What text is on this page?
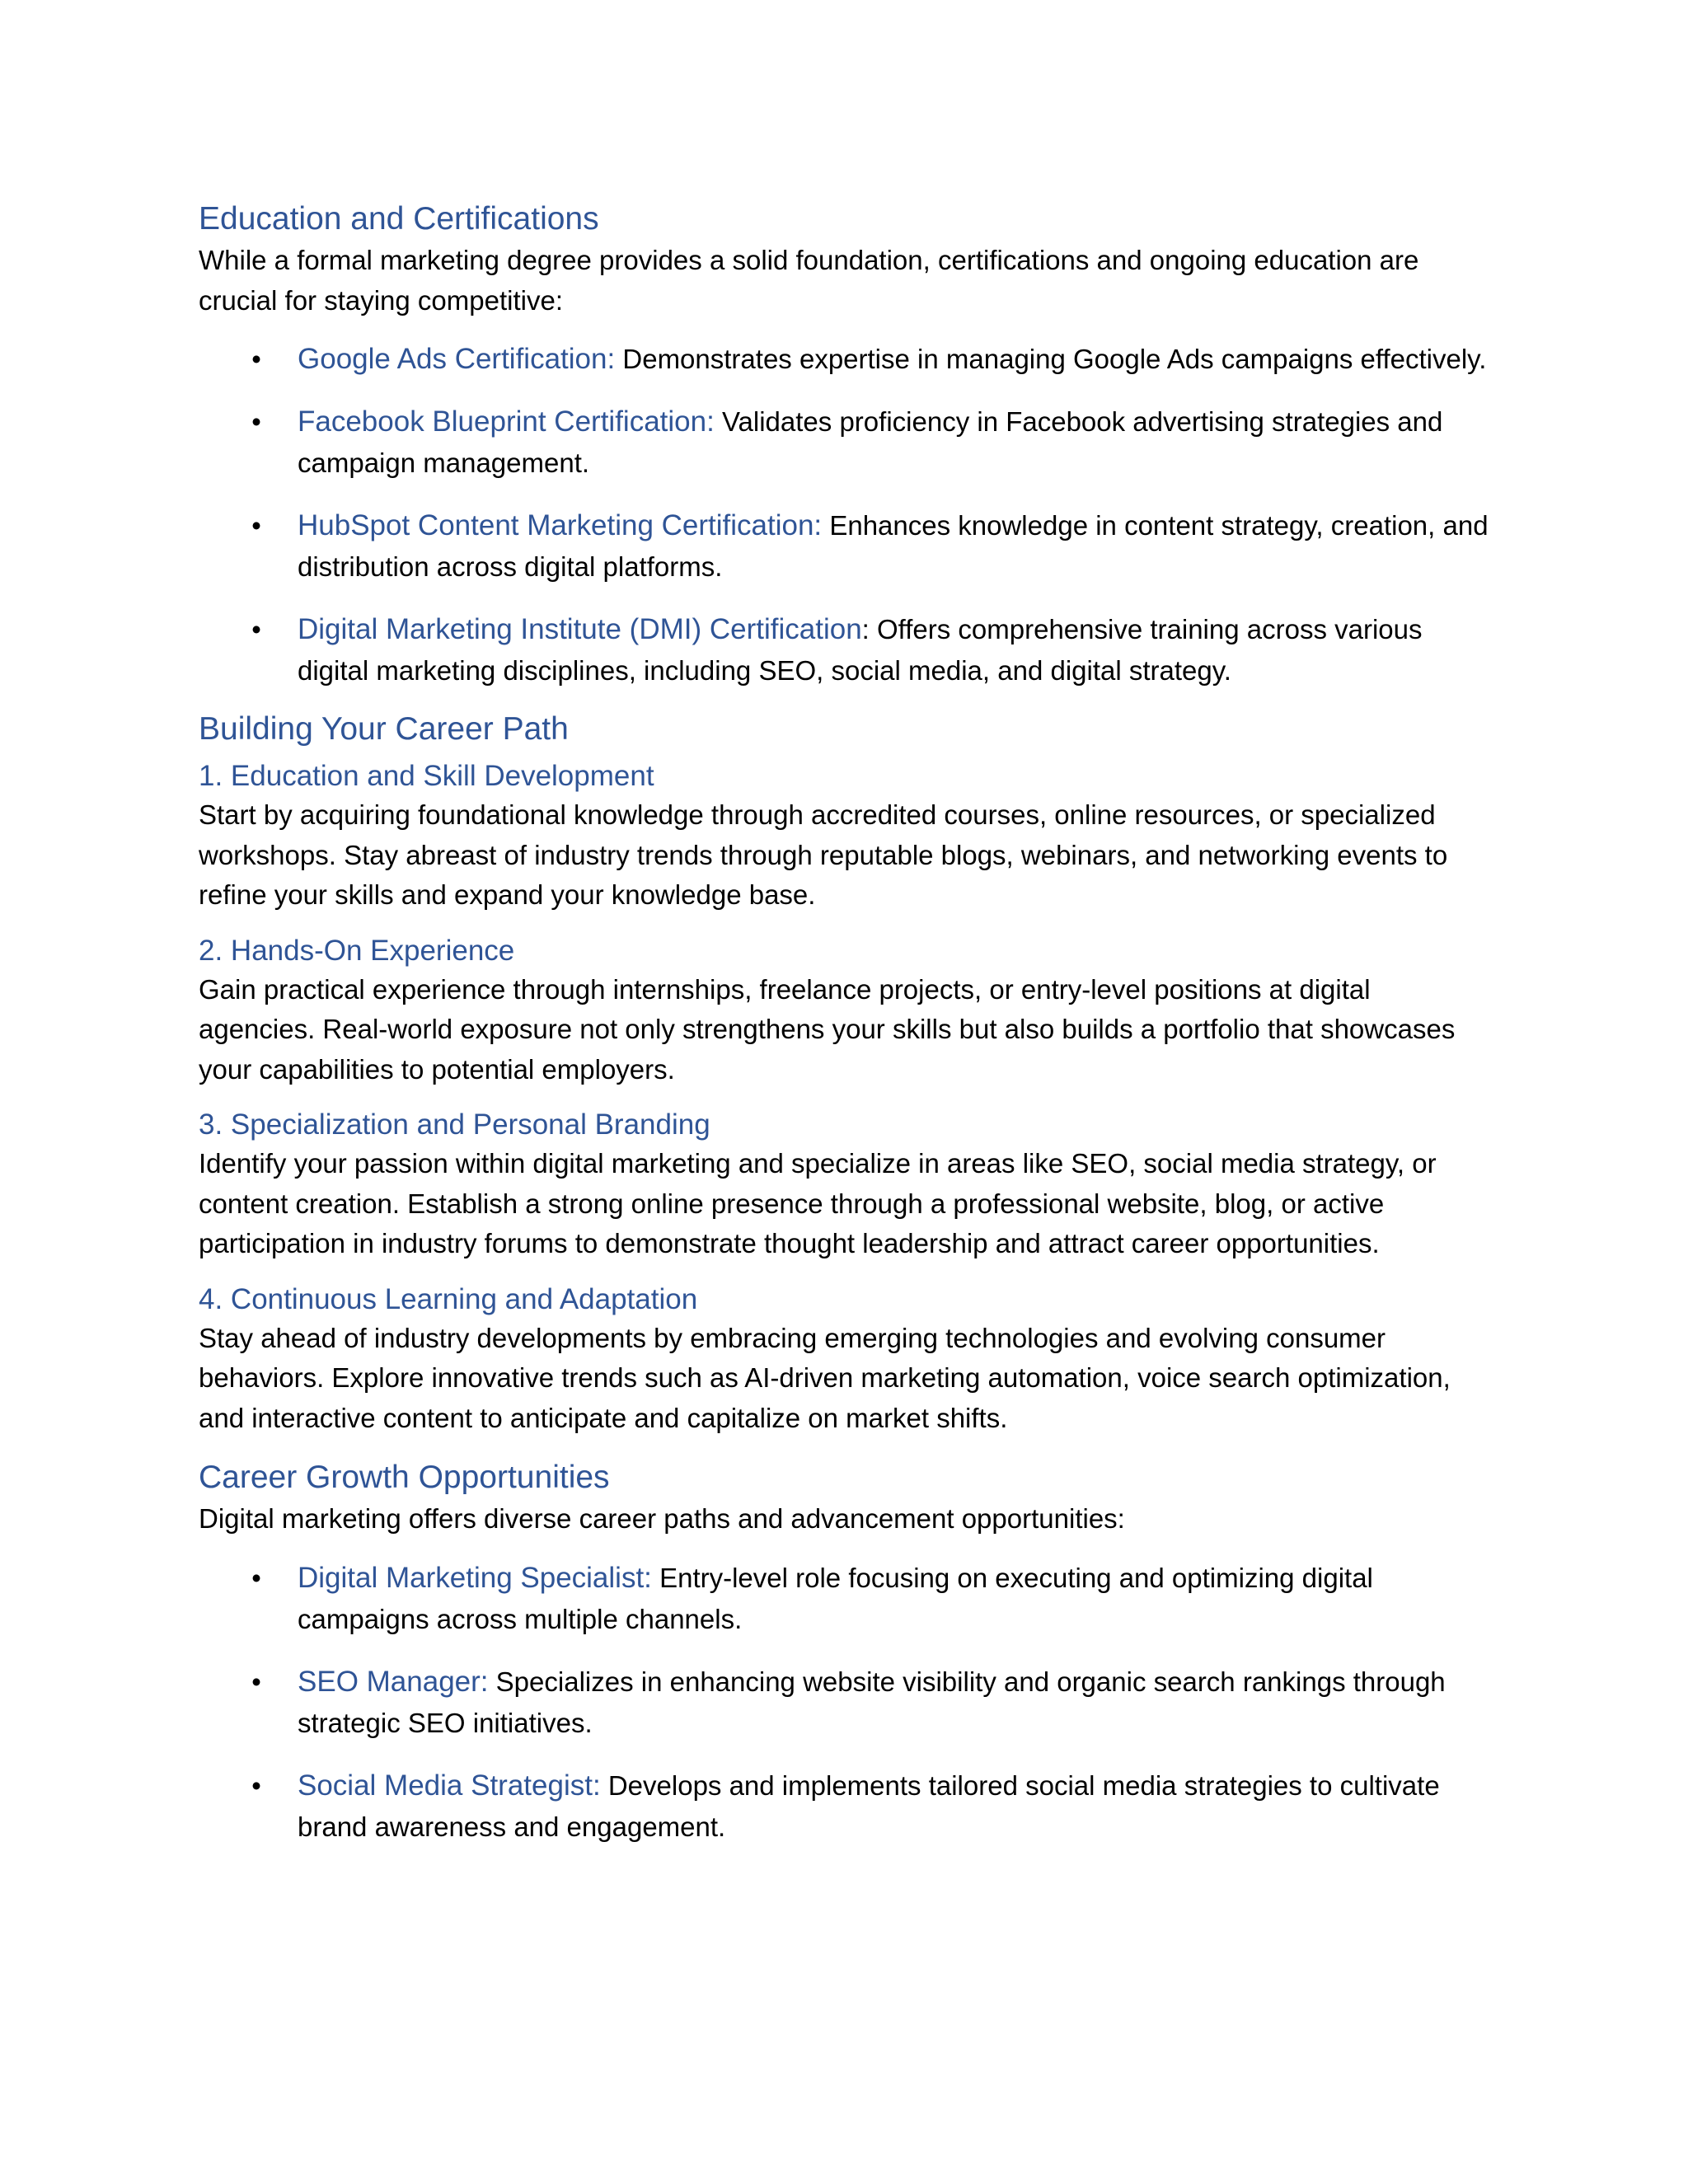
Education and Certifications

While a formal marketing degree provides a solid foundation, certifications and ongoing education are crucial for staying competitive:

• Google Ads Certification: Demonstrates expertise in managing Google Ads campaigns effectively.
• Facebook Blueprint Certification: Validates proficiency in Facebook advertising strategies and campaign management.
• HubSpot Content Marketing Certification: Enhances knowledge in content strategy, creation, and distribution across digital platforms.
• Digital Marketing Institute (DMI) Certification: Offers comprehensive training across various digital marketing disciplines, including SEO, social media, and digital strategy.
Building Your Career Path
1. Education and Skill Development

Start by acquiring foundational knowledge through accredited courses, online resources, or specialized workshops. Stay abreast of industry trends through reputable blogs, webinars, and networking events to refine your skills and expand your knowledge base.

2. Hands-On Experience

Gain practical experience through internships, freelance projects, or entry-level positions at digital agencies. Real-world exposure not only strengthens your skills but also builds a portfolio that showcases your capabilities to potential employers.

3. Specialization and Personal Branding

Identify your passion within digital marketing and specialize in areas like SEO, social media strategy, or content creation. Establish a strong online presence through a professional website, blog, or active participation in industry forums to demonstrate thought leadership and attract career opportunities.

4. Continuous Learning and Adaptation

Stay ahead of industry developments by embracing emerging technologies and evolving consumer behaviors. Explore innovative trends such as AI-driven marketing automation, voice search optimization, and interactive content to anticipate and capitalize on market shifts.

Career Growth Opportunities

Digital marketing offers diverse career paths and advancement opportunities:

• Digital Marketing Specialist: Entry-level role focusing on executing and optimizing digital campaigns across multiple channels.
• SEO Manager: Specializes in enhancing website visibility and organic search rankings through strategic SEO initiatives.
• Social Media Strategist: Develops and implements tailored social media strategies to cultivate brand awareness and engagement.
